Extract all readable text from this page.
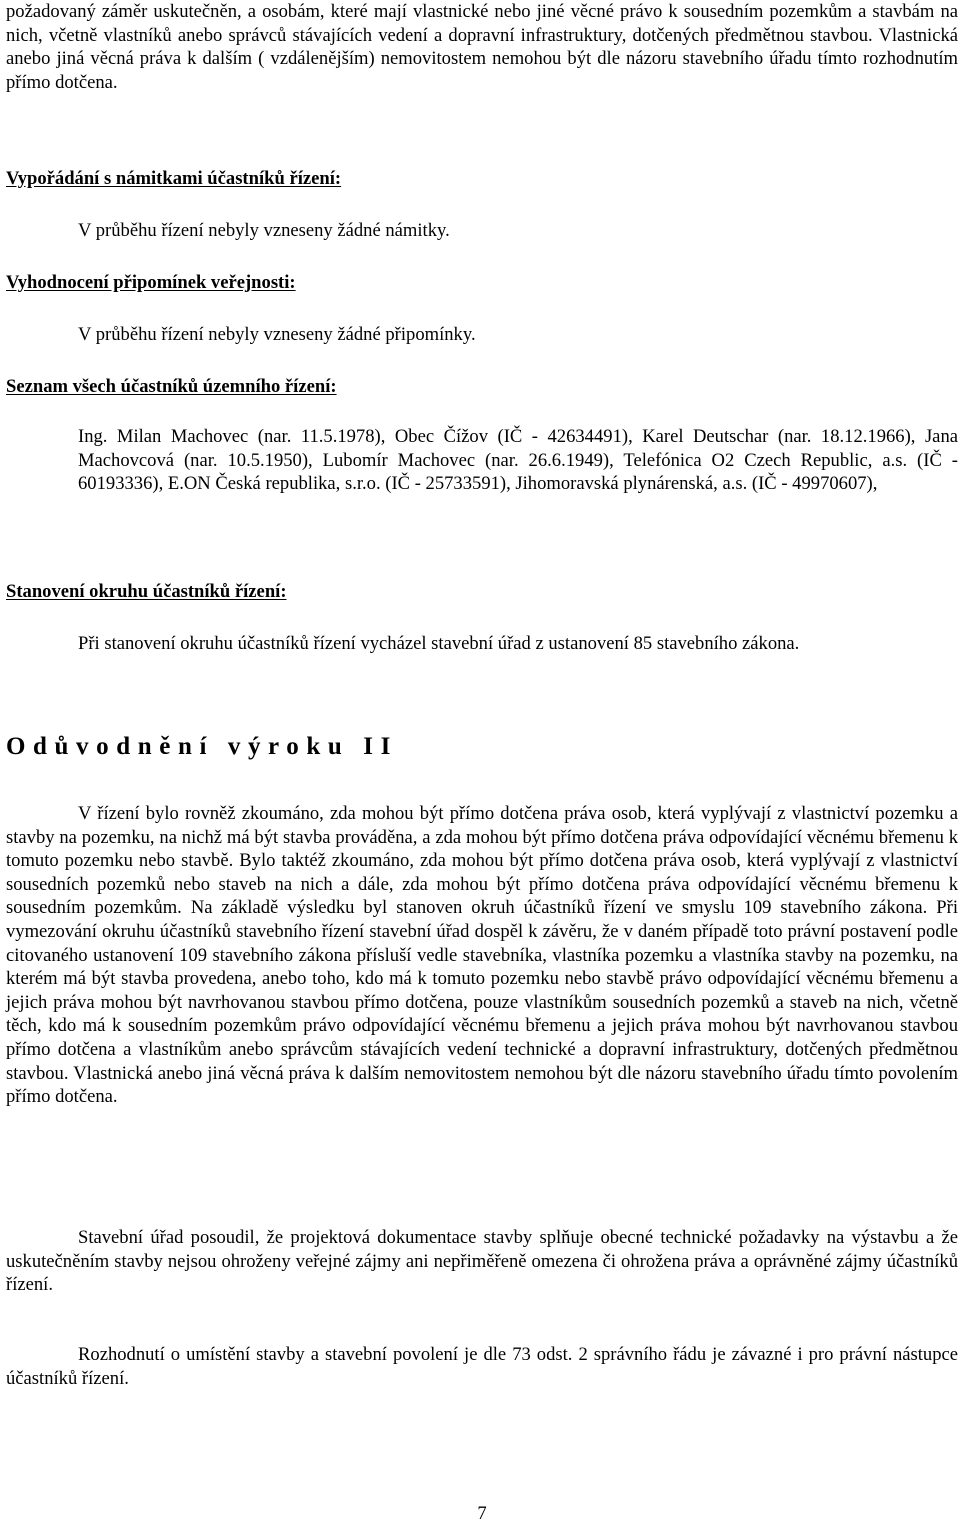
požadovaný záměr uskutečněn, a osobám, které mají vlastnické nebo jiné věcné právo k sousedním pozemkům a stavbám na nich, včetně vlastníků anebo správců stávajících vedení a dopravní infrastruktury, dotčených předmětnou stavbou. Vlastnická anebo jiná věcná práva k dalším ( vzdálenějším) nemovitostem nemohou být dle názoru stavebního úřadu tímto rozhodnutím přímo dotčena.

Vypořádání s námitkami účastníků řízení:
V průběhu řízení nebyly vzneseny žádné námitky.
Vyhodnocení připomínek veřejnosti:
V průběhu řízení nebyly vzneseny žádné připomínky.
Seznam všech účastníků územního řízení:

Ing. Milan Machovec (nar. 11.5.1978), Obec Čížov (IČ - 42634491), Karel Deutschar (nar. 18.12.1966), Jana Machovcová (nar. 10.5.1950), Lubomír Machovec (nar. 26.6.1949), Telefónica O2 Czech Republic, a.s. (IČ - 60193336), E.ON Česká republika, s.r.o. (IČ - 25733591), Jihomoravská plynárenská, a.s. (IČ - 49970607),

Stanovení okruhu účastníků řízení:

Při stanovení okruhu účastníků řízení vycházel stavební úřad z ustanovení 85 stavebního zákona.

Odůvodnění výroku II

V řízení bylo rovněž zkoumáno, zda mohou být přímo dotčena práva osob, která vyplývají z vlastnictví pozemku a stavby na pozemku, na nichž má být stavba prováděna, a zda mohou být přímo dotčena práva odpovídající věcnému břemenu k tomuto pozemku nebo stavbě. Bylo taktéž zkoumáno, zda mohou být přímo dotčena práva osob, která vyplývají z vlastnictví sousedních pozemků nebo staveb na nich a dále, zda mohou být přímo dotčena práva odpovídající věcnému břemenu k sousedním pozemkům. Na základě výsledku byl stanoven okruh účastníků řízení ve smyslu 109 stavebního zákona. Při vymezování okruhu účastníků stavebního řízení stavební úřad dospěl k závěru, že v daném případě toto právní postavení podle citovaného ustanovení 109 stavebního zákona přísluší vedle stavebníka, vlastníka pozemku a vlastníka stavby na pozemku, na kterém má být stavba provedena, anebo toho, kdo má k tomuto pozemku nebo stavbě právo odpovídající věcnému břemenu a jejich práva mohou být navrhovanou stavbou přímo dotčena, pouze vlastníkům sousedních pozemků a staveb na nich, včetně těch, kdo má k sousedním pozemkům právo odpovídající věcnému břemenu a jejich práva mohou být navrhovanou stavbou přímo dotčena a vlastníkům anebo správcům stávajících vedení technické a dopravní infrastruktury, dotčených předmětnou stavbou. Vlastnická anebo jiná věcná práva k dalším nemovitostem nemohou být dle názoru stavebního úřadu tímto povolením přímo dotčena.

Stavební úřad posoudil, že projektová dokumentace stavby splňuje obecné technické požadavky na výstavbu a že uskutečněním stavby nejsou ohroženy veřejné zájmy ani nepřiměřeně omezena či ohrožena práva a oprávněné zájmy účastníků řízení.

Rozhodnutí o umístění stavby a stavební povolení je dle 73 odst. 2 správního řádu je závazné i pro právní nástupce účastníků řízení.

7
